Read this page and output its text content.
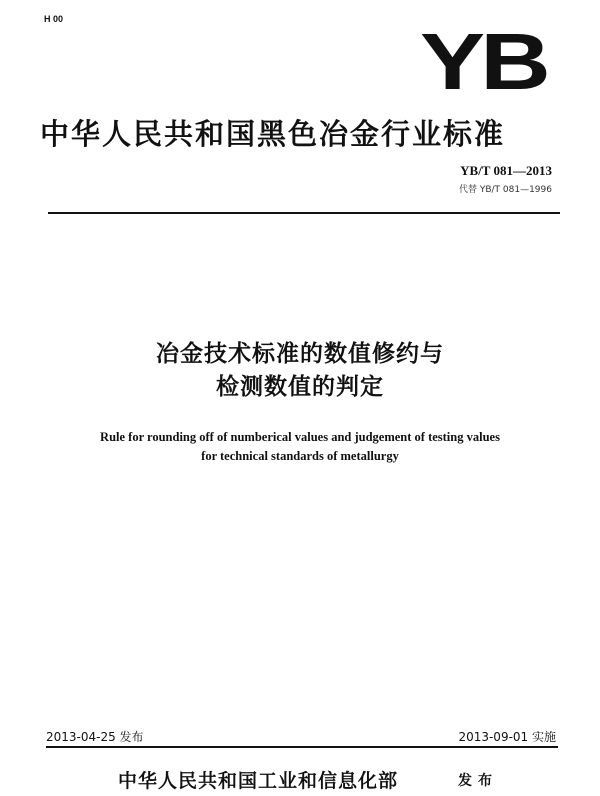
H 00	YB
中华人民共和国黑色冶金行业标准
YB/T 081—2013
代替 YB/T 081—1996
冶金技术标准的数值修约与
检测数值的判定
Rule for rounding off of numberical values and judgement of testing values
for technical standards of metallurgy
2013-04-25 发布	2013-09-01 实施
中华人民共和国工业和信息化部	发布
